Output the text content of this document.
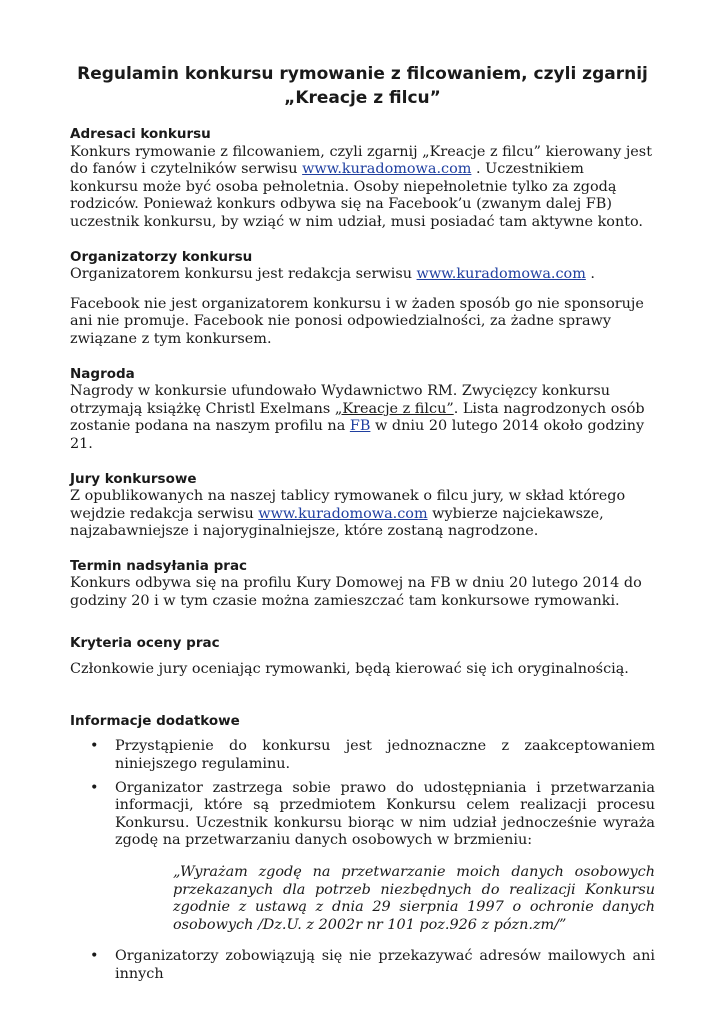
Regulamin konkursu rymowanie z filcowaniem, czyli zgarnij
„Kreacje z filcu”
Adresaci konkursu

Konkurs rymowanie z filcowaniem, czyli zgarnij „Kreacje z filcu” kierowany jest do fanów i czytelników serwisu www.kuradomowa.com . Uczestnikiem konkursu może być osoba pełnoletnia. Osoby niepełnoletnie tylko za zgodą rodziców. Ponieważ konkurs odbywa się na Facebook’u (zwanym dalej FB) uczestnik konkursu, by wziąć w nim udział, musi posiadać tam aktywne konto.

Organizatorzy konkursu

Organizatorem konkursu jest redakcja serwisu www.kuradomowa.com .

Facebook nie jest organizatorem konkursu i w żaden sposób go nie sponsoruje ani nie promuje. Facebook nie ponosi odpowiedzialności, za żadne sprawy związane z tym konkursem.

Nagroda

Nagrody w konkursie ufundowało Wydawnictwo RM. Zwycięzcy konkursu otrzymają książkę Christl Exelmans „Kreacje z filcu”. Lista nagrodzonych osób zostanie podana na naszym profilu na FB w dniu 20 lutego 2014 około godziny 21.

Jury konkursowe

Z opublikowanych na naszej tablicy rymowanek o filcu jury, w skład którego wejdzie redakcja serwisu www.kuradomowa.com wybierze najciekawsze, najzabawniejsze i najoryginalniejsze, które zostaną nagrodzone.

Termin nadsyłania prac

Konkurs odbywa się na profilu Kury Domowej na FB w dniu 20 lutego 2014 do godziny 20 i w tym czasie można zamieszczać tam konkursowe rymowanki.

Kryteria oceny prac

Członkowie jury oceniając rymowanki, będą kierować się ich oryginalnością.

Informacje dodatkowe
• Przystąpienie do konkursu jest jednoznaczne z zaakceptowaniem niniejszego regulaminu.
• Organizator zastrzega sobie prawo do udostępniania i przetwarzania informacji, które są przedmiotem Konkursu celem realizacji procesu Konkursu. Uczestnik konkursu biorąc w nim udział jednocześnie wyraża zgodę na przetwarzaniu danych osobowych w brzmieniu:

„Wyrażam zgodę na przetwarzanie moich danych osobowych przekazanych dla potrzeb niezbędnych do realizacji Konkursu zgodnie z ustawą z dnia 29 sierpnia 1997 o ochronie danych osobowych /Dz.U. z 2002r nr 101 poz.926 z pózn.zm/”

• Organizatorzy zobowiązują się nie przekazywać adresów mailowych ani innych
